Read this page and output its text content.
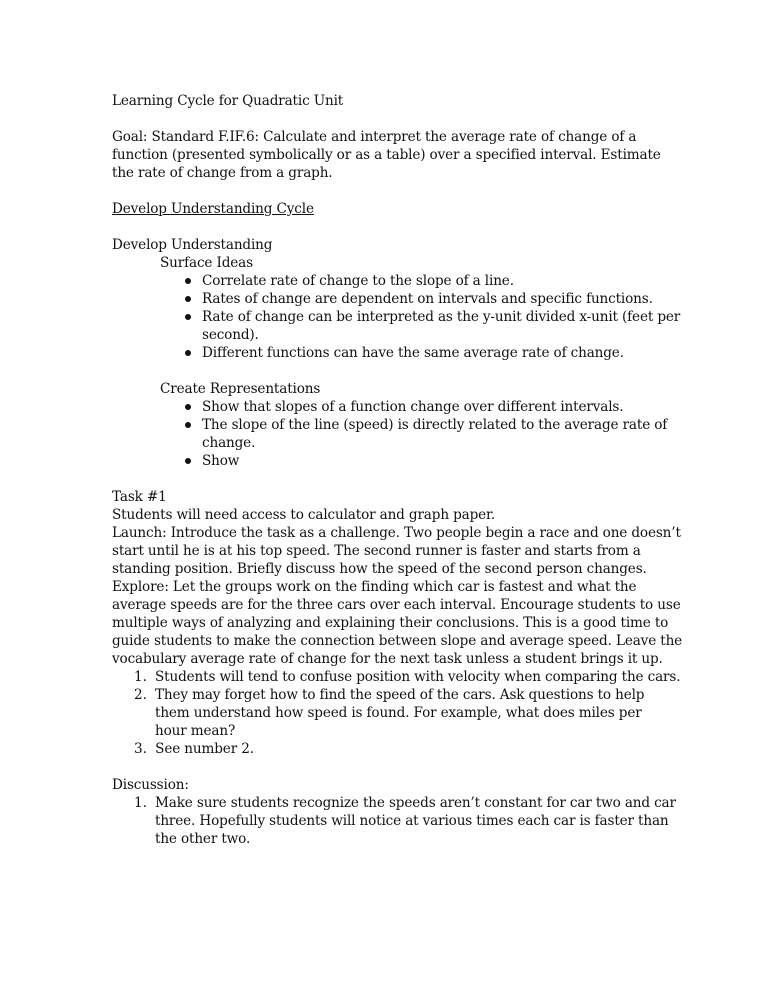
Learning Cycle for Quadratic Unit
Goal: Standard F.IF.6: Calculate and interpret the average rate of change of a
function (presented symbolically or as a table) over a specified interval. Estimate
the rate of change from a graph.
Develop Understanding Cycle
Develop Understanding
Surface Ideas
Correlate rate of change to the slope of a line.
Rates of change are dependent on intervals and specific functions.
Rate of change can be interpreted as the y-unit divided x-unit (feet per
second).
Different functions can have the same average rate of change.
Create Representations
Show that slopes of a function change over different intervals.
The slope of the line (speed) is directly related to the average rate of
change.
Show
Task #1
Students will need access to calculator and graph paper.
Launch: Introduce the task as a challenge. Two people begin a race and one doesn’t
start until he is at his top speed. The second runner is faster and starts from a
standing position. Briefly discuss how the speed of the second person changes.
Explore: Let the groups work on the finding which car is fastest and what the
average speeds are for the three cars over each interval. Encourage students to use
multiple ways of analyzing and explaining their conclusions. This is a good time to
guide students to make the connection between slope and average speed. Leave the
vocabulary average rate of change for the next task unless a student brings it up.
1. Students will tend to confuse position with velocity when comparing the cars.
2. They may forget how to find the speed of the cars. Ask questions to help
them understand how speed is found. For example, what does miles per
hour mean?
3. See number 2.
Discussion:
1. Make sure students recognize the speeds aren’t constant for car two and car
three. Hopefully students will notice at various times each car is faster than
the other two.
